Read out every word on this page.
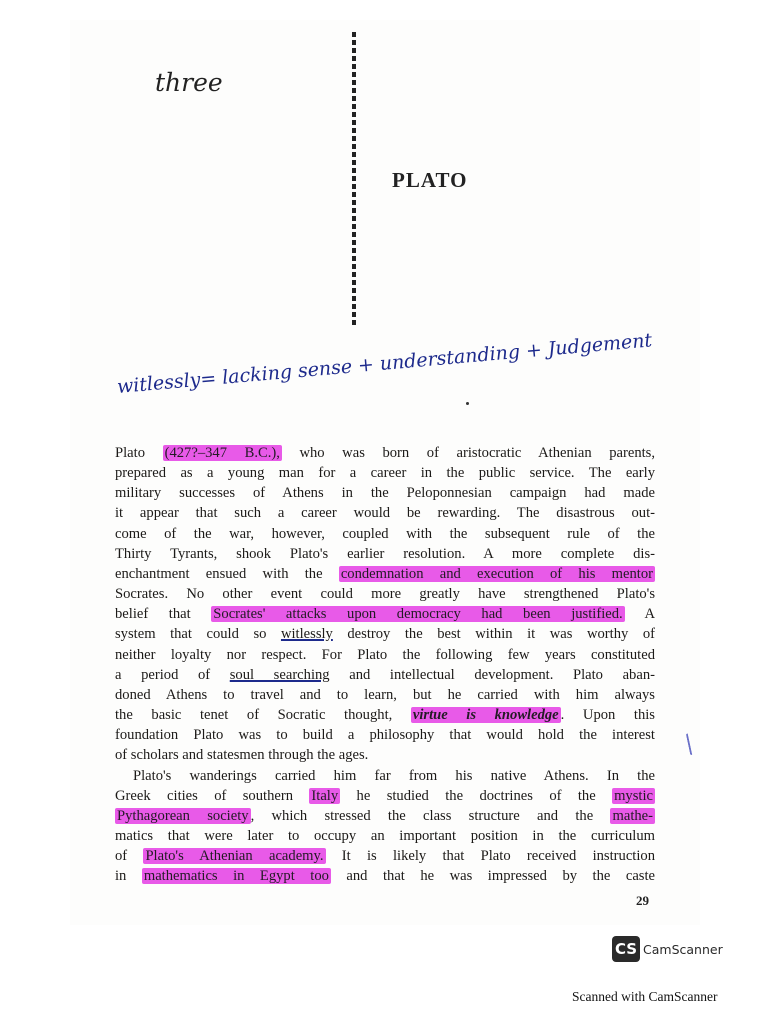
three
PLATO
witlessly= lacking sense + understanding + Judgement
Plato (427?–347 B.C.), who was born of aristocratic Athenian parents,
prepared as a young man for a career in the public service. The early
military successes of Athens in the Peloponnesian campaign had made
it appear that such a career would be rewarding. The disastrous out-
come of the war, however, coupled with the subsequent rule of the
Thirty Tyrants, shook Plato's earlier resolution. A more complete dis-
enchantment ensued with the condemnation and execution of his mentor
Socrates. No other event could more greatly have strengthened Plato's
belief that Socrates' attacks upon democracy had been justified. A
system that could so witlessly destroy the best within it was worthy of
neither loyalty nor respect. For Plato the following few years constituted
a period of soul searching and intellectual development. Plato aban-
doned Athens to travel and to learn, but he carried with him always
the basic tenet of Socratic thought, virtue is knowledge . Upon this
foundation Plato was to build a philosophy that would hold the interest
of scholars and statesmen through the ages.
Plato's wanderings carried him far from his native Athens. In the
Greek cities of southern Italy he studied the doctrines of the mystic
Pythagorean society , which stressed the class structure and the mathe-
matics that were later to occupy an important position in the curriculum
of Plato's Athenian academy. It is likely that Plato received instruction
in mathematics in Egypt too and that he was impressed by the caste
29
CS CamScanner
Scanned with CamScanner
